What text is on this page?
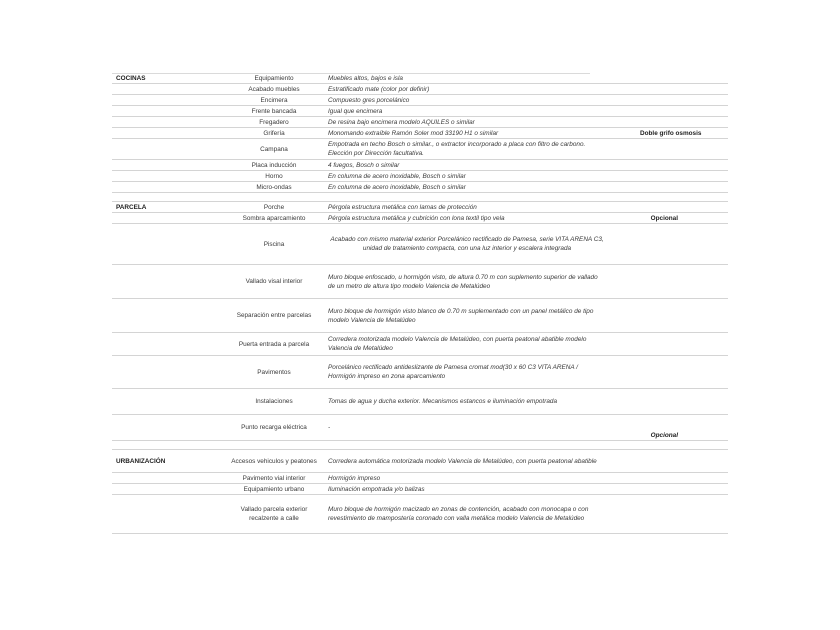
COCINAS	Equipamiento	Muebles altos, bajos e isla	
	Acabado muebles	Estratificado mate (color por definir)	
	Encimera	Compuesto gres porcelánico	
	Frente bancada	Igual que encimera	
	Fregadero	De resina bajo encimera modelo AQUILES o similar	
	Grifería	Monomando extraíble Ramón Soler mod 33190 H1 o similar	Doble grifo osmosis
	Campana	Empotrada en techo Bosch o similar., o extractor incorporado a placa con filtro de carbono. Elección por Dirección facultativa.	
	Placa inducción	4 fuegos, Bosch o similar	
	Horno	En columna de acero inoxidable, Bosch o similar	
	Micro-ondas	En columna de acero inoxidable, Bosch o similar	

PARCELA	Porche	Pérgola estructura metálica con lamas de protección	
	Sombra aparcamiento	Pérgola estructura metálica y cubrición con lona textil tipo vela	Opcional
	Piscina	Acabado con mismo material exterior Porcelánico rectificado de Pamesa, serie VITA ARENA C3, unidad de tratamiento compacta, con una luz interior y escalera integrada	
	Vallado visal interior	Muro bloque enfoscado, u hormigón visto, de altura 0.70 m con suplemento superior de vallado de un metro de altura tipo modelo Valencia de Metalúdeo	
	Separación entre parcelas	Muro bloque de hormigón visto blanco de 0.70 m suplementado con un panel metálico de tipo modelo Valencia de Metalúdeo	
	Puerta entrada a parcela	Corredera motorizada modelo Valencia de Metalúdeo, con puerta peatonal abatible modelo Valencia de Metalúdeo	
	Pavimentos	Porcelánico rectificado antideslizante de Pamesa cromat mod(30 x 60 C3 VITA ARENA / Hormigón impreso en zona aparcamiento	
	Instalaciones	Tomas de agua y ducha exterior. Mecanismos estancos e iluminación empotrada	
	Punto recarga eléctrica	-	Opcional

URBANIZACIÓN	Accesos vehiculos y peatones	Corredera automática motorizada modelo Valencia de Metalúdeo, con puerta peatonal abatible	
	Pavimento vial interior	Hormigón impreso	
	Equipamiento urbano	Iluminación empotrada y/o balizas	
	Vallado parcela exterior recalzente a calle	Muro bloque de hormigón macizado en zonas de contención, acabado con monocapa o con revestimiento de mampostería coronado con valla metálica modelo Valencia de Metalúdeo	
